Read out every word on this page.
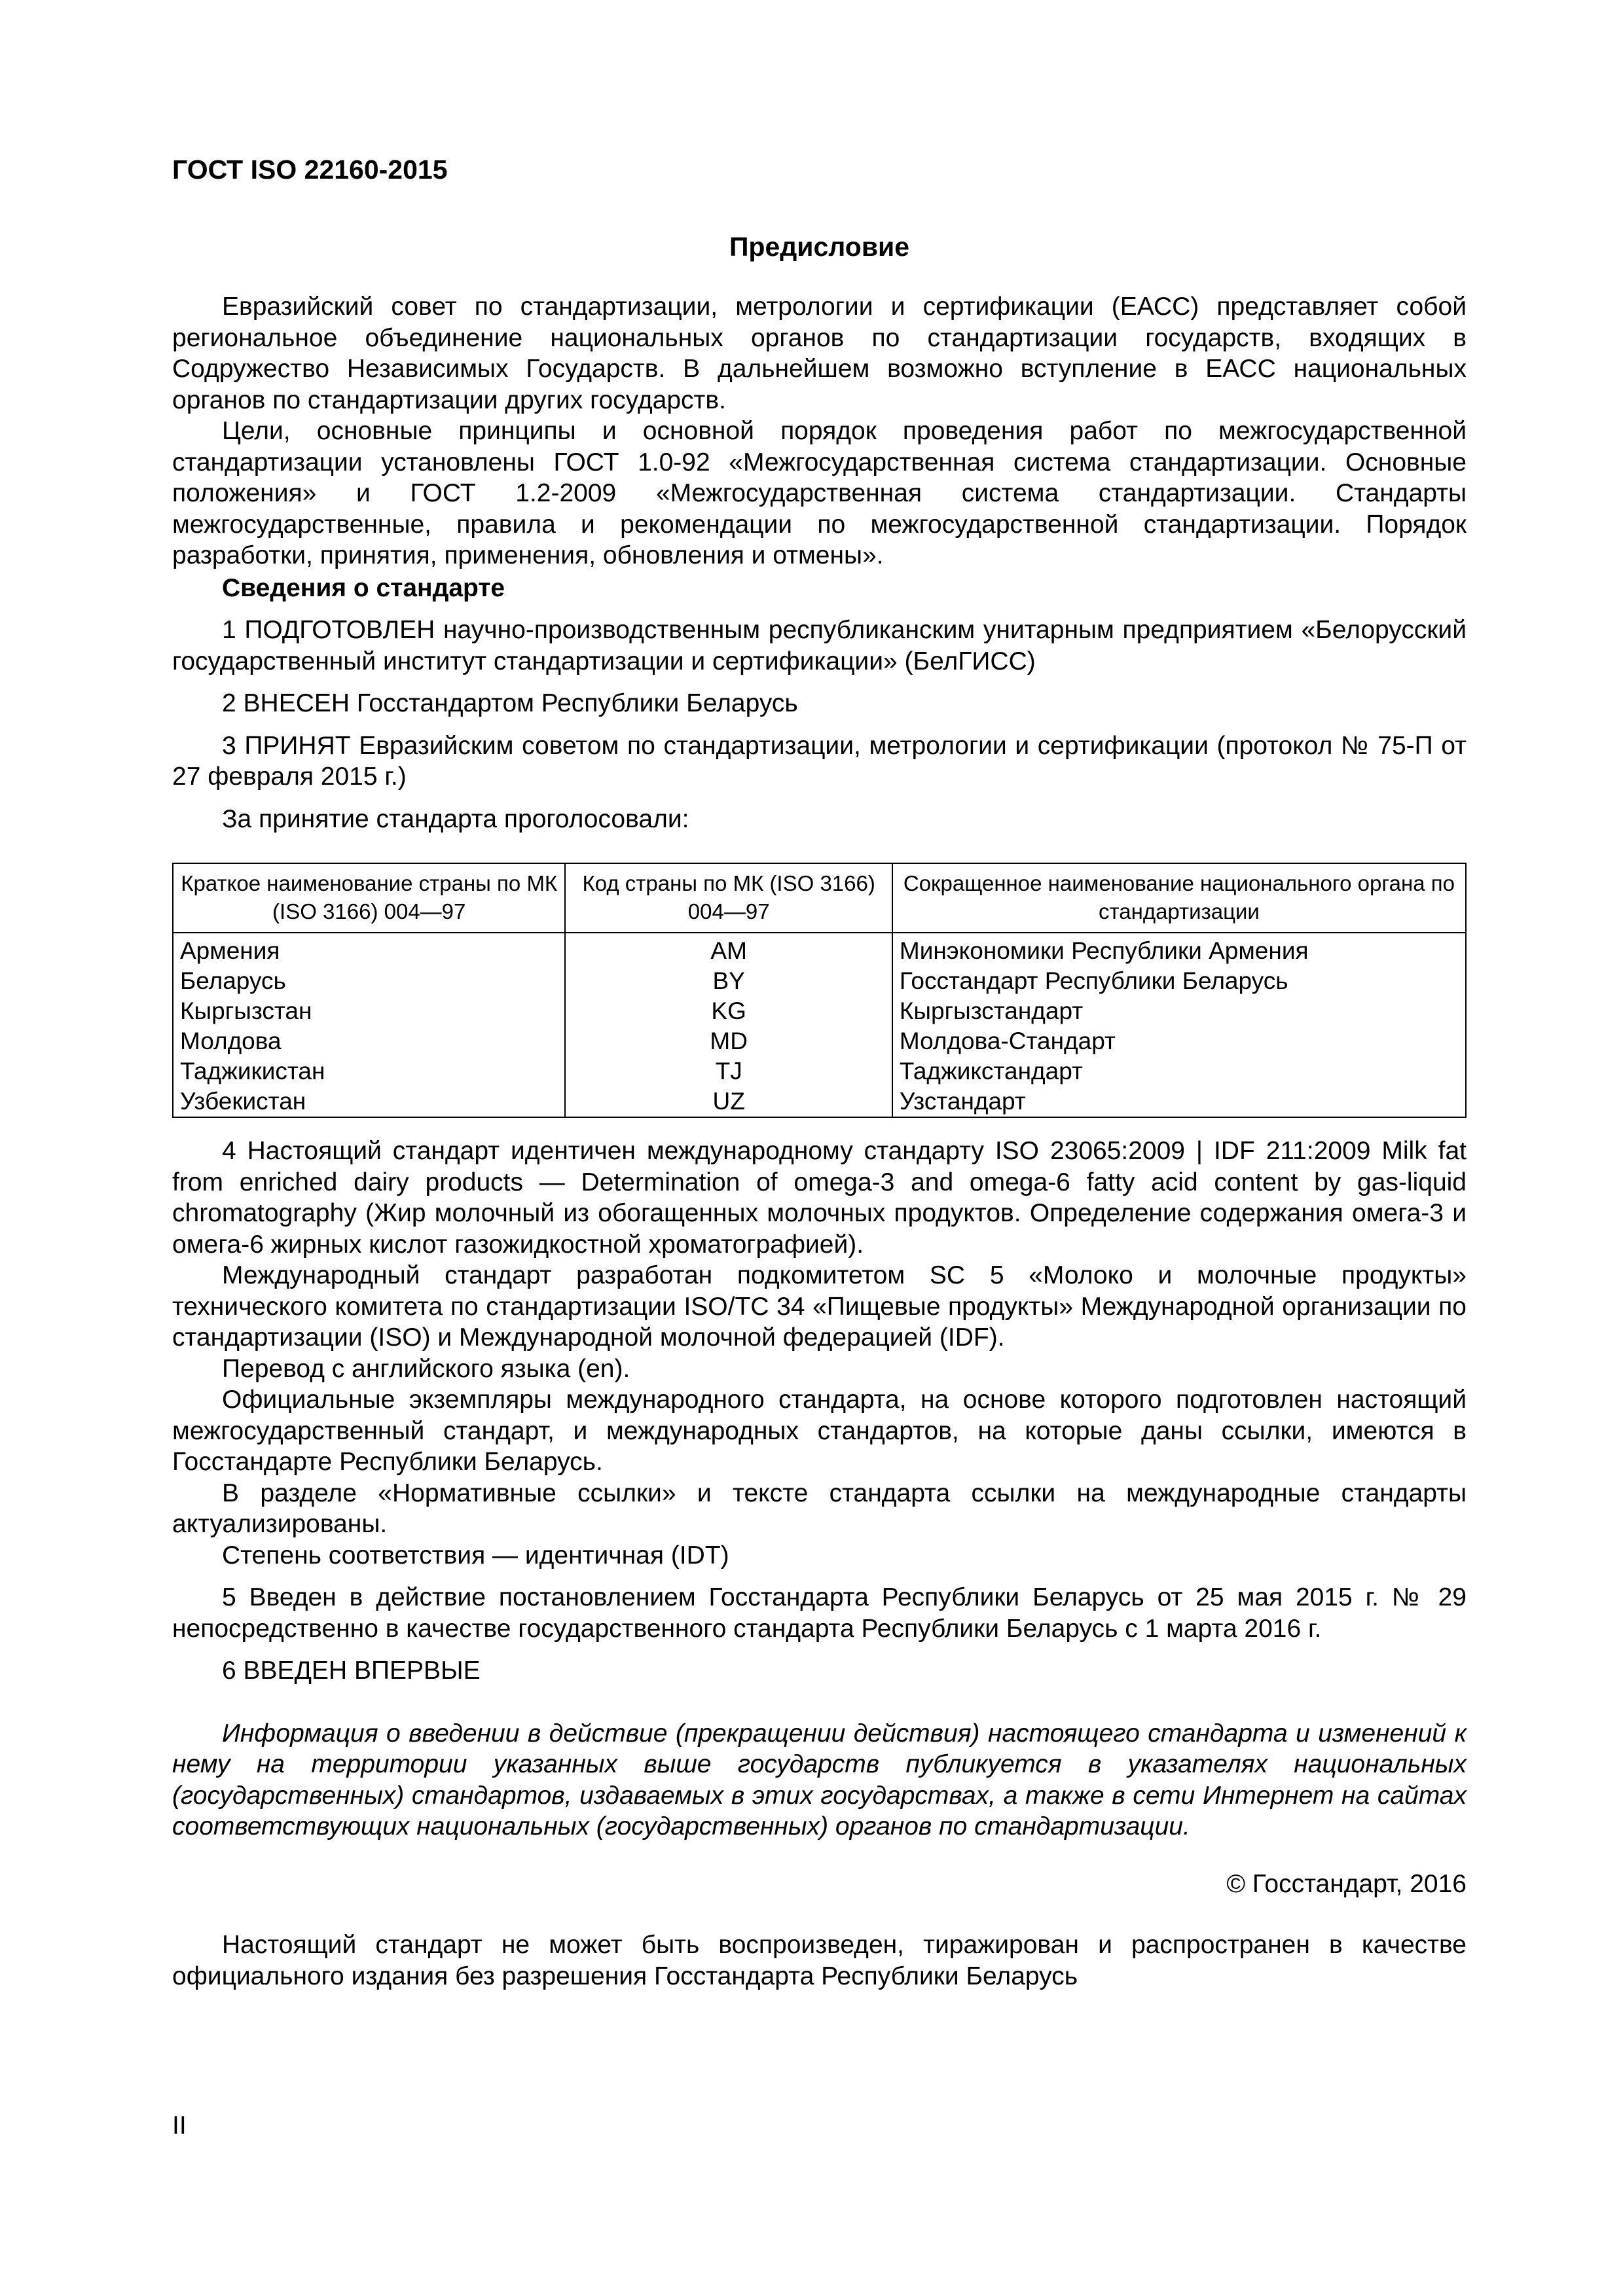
ГОСТ ISO 22160-2015
Предисловие

Евразийский совет по стандартизации, метрологии и сертификации (ЕАСС) представляет собой региональное объединение национальных органов по стандартизации государств, входящих в Содружество Независимых Государств. В дальнейшем возможно вступление в ЕАСС национальных органов по стандартизации других государств.

Цели, основные принципы и основной порядок проведения работ по межгосударственной стандартизации установлены ГОСТ 1.0-92 «Межгосударственная система стандартизации. Основные положения» и ГОСТ 1.2-2009 «Межгосударственная система стандартизации. Стандарты межгосударственные, правила и рекомендации по межгосударственной стандартизации. Порядок разработки, принятия, применения, обновления и отмены».

Сведения о стандарте

1 ПОДГОТОВЛЕН научно-производственным республиканским унитарным предприятием «Белорусский государственный институт стандартизации и сертификации» (БелГИСС)

2 ВНЕСЕН Госстандартом Республики Беларусь

3 ПРИНЯТ Евразийским советом по стандартизации, метрологии и сертификации (протокол № 75-П от 27 февраля 2015 г.)

За принятие стандарта проголосовали:

Краткое наименование страны по МК (ISO 3166) 004—97	Код страны по МК (ISO 3166) 004—97	Сокращенное наименование национального органа по стандартизации
Армения	AM	Минэкономики Республики Армения
Беларусь	BY	Госстандарт Республики Беларусь
Кыргызстан	KG	Кыргызстандарт
Молдова	MD	Молдова-Стандарт
Таджикистан	TJ	Таджикстандарт
Узбекистан	UZ	Узстандарт

4 Настоящий стандарт идентичен международному стандарту ISO 23065:2009 | IDF 211:2009 Milk fat from enriched dairy products — Determination of omega-3 and omega-6 fatty acid content by gas-liquid chromatography (Жир молочный из обогащенных молочных продуктов. Определение содержания омега-3 и омега-6 жирных кислот газожидкостной хроматографией).

Международный стандарт разработан подкомитетом SC 5 «Молоко и молочные продукты» технического комитета по стандартизации ISO/TC 34 «Пищевые продукты» Международной организации по стандартизации (ISO) и Международной молочной федерацией (IDF).

Перевод с английского языка (en).

Официальные экземпляры международного стандарта, на основе которого подготовлен настоящий межгосударственный стандарт, и международных стандартов, на которые даны ссылки, имеются в Госстандарте Республики Беларусь.

В разделе «Нормативные ссылки» и тексте стандарта ссылки на международные стандарты актуализированы.

Степень соответствия — идентичная (IDT)

5 Введен в действие постановлением Госстандарта Республики Беларусь от 25 мая 2015 г. № 29 непосредственно в качестве государственного стандарта Республики Беларусь с 1 марта 2016 г.

6 ВВЕДЕН ВПЕРВЫЕ

Информация о введении в действие (прекращении действия) настоящего стандарта и изменений к нему на территории указанных выше государств публикуется в указателях национальных (государственных) стандартов, издаваемых в этих государствах, а также в сети Интернет на сайтах соответствующих национальных (государственных) органов по стандартизации.

© Госстандарт, 2016

Настоящий стандарт не может быть воспроизведен, тиражирован и распространен в качестве официального издания без разрешения Госстандарта Республики Беларусь

II
